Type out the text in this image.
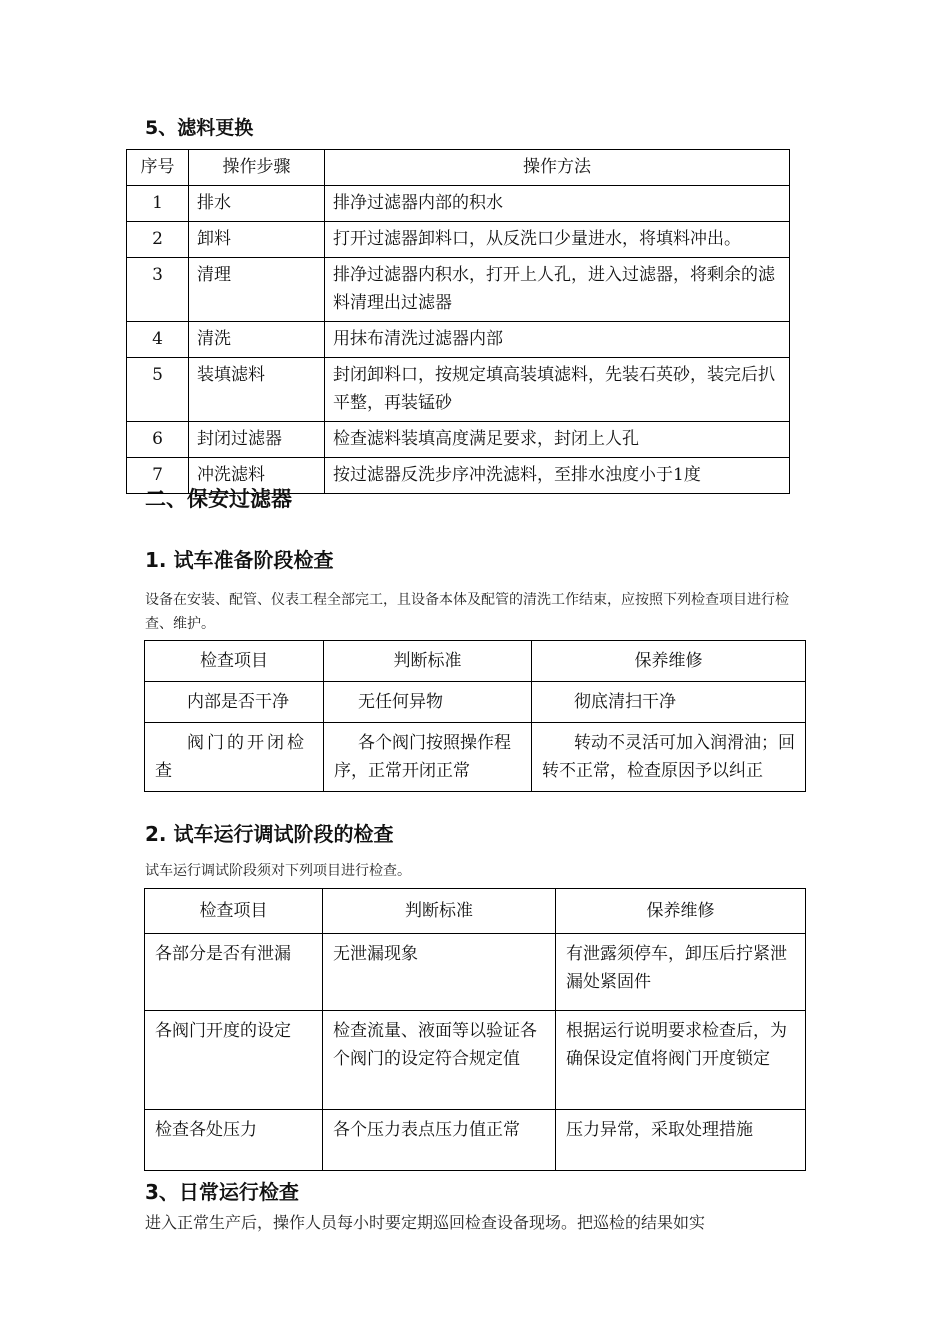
5、滤料更换
序号	操作步骤	操作方法
1	排水	排净过滤器内部的积水
2	卸料	打开过滤器卸料口，从反洗口少量进水，将填料冲出。
3	清理	排净过滤器内积水，打开上人孔，进入过滤器，将剩余的滤料清理出过滤器
4	清洗	用抹布清洗过滤器内部
5	装填滤料	封闭卸料口，按规定填高装填滤料，先装石英砂，装完后扒平整，再装锰砂
6	封闭过滤器	检查滤料装填高度满足要求，封闭上人孔
7	冲洗滤料	按过滤器反洗步序冲洗滤料，至排水浊度小于1度
二、保安过滤器
1. 试车准备阶段检查

设备在安装、配管、仪表工程全部完工，且设备本体及配管的清洗工作结束，应按照下列检查项目进行检查、维护。

检查项目	判断标准	保养维修
内部是否干净	无任何异物	彻底清扫干净
阀门的开闭检查	各个阀门按照操作程序，正常开闭正常	转动不灵活可加入润滑油；回转不正常，检查原因予以纠正
2. 试车运行调试阶段的检查

试车运行调试阶段须对下列项目进行检查。

检查项目	判断标准	保养维修
各部分是否有泄漏	无泄漏现象	有泄露须停车，卸压后拧紧泄漏处紧固件
各阀门开度的设定	检查流量、液面等以验证各个阀门的设定符合规定值	根据运行说明要求检查后，为确保设定值将阀门开度锁定
检查各处压力	各个压力表点压力值正常	压力异常，采取处理措施
3、日常运行检查

进入正常生产后，操作人员每小时要定期巡回检查设备现场。把巡检的结果如实
